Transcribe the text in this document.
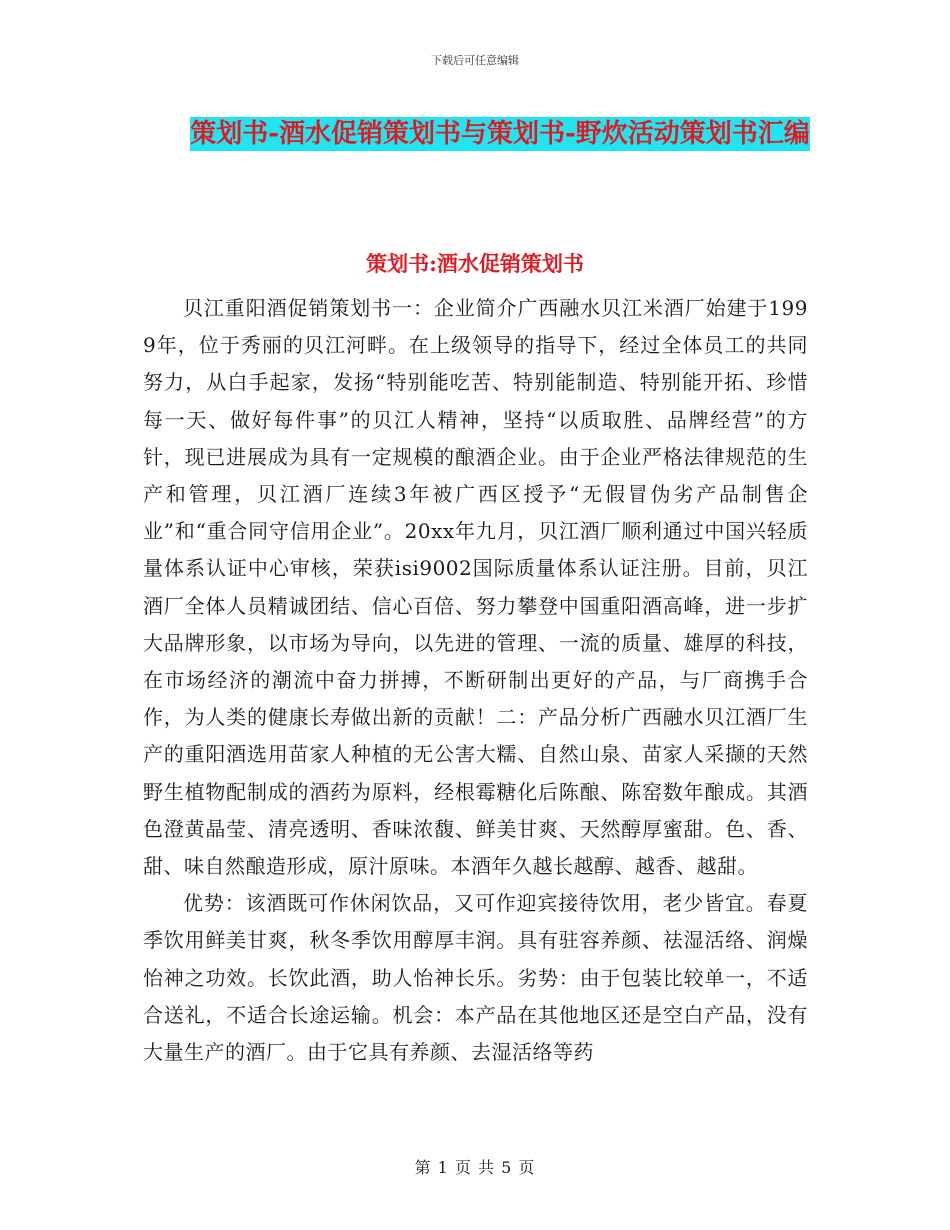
下载后可任意编辑
策划书-酒水促销策划书与策划书-野炊活动策划书汇编
策划书:酒水促销策划书

贝江重阳酒促销策划书一：企业简介广西融水贝江米酒厂始建于1999年，位于秀丽的贝江河畔。在上级领导的指导下，经过全体员工的共同努力，从白手起家，发扬“特别能吃苦、特别能制造、特别能开拓、珍惜每一天、做好每件事”的贝江人精神，坚持“以质取胜、品牌经营”的方针，现已进展成为具有一定规模的酿酒企业。由于企业严格法律规范的生产和管理，贝江酒厂连续3年被广西区授予“无假冒伪劣产品制售企业”和“重合同守信用企业”。20xx年九月，贝江酒厂顺利通过中国兴轻质量体系认证中心审核，荣获isi9002国际质量体系认证注册。目前，贝江酒厂全体人员精诚团结、信心百倍、努力攀登中国重阳酒高峰，进一步扩大品牌形象，以市场为导向，以先进的管理、一流的质量、雄厚的科技，在市场经济的潮流中奋力拼搏，不断研制出更好的产品，与厂商携手合作，为人类的健康长寿做出新的贡献！二：产品分析广西融水贝江酒厂生产的重阳酒选用苗家人种植的无公害大糯、自然山泉、苗家人采撷的天然野生植物配制成的酒药为原料，经根霉糖化后陈酿、陈窑数年酿成。其酒色澄黄晶莹、清亮透明、香味浓馥、鲜美甘爽、天然醇厚蜜甜。色、香、甜、味自然酿造形成，原汁原味。本酒年久越长越醇、越香、越甜。

优势：该酒既可作休闲饮品，又可作迎宾接待饮用，老少皆宜。春夏季饮用鲜美甘爽，秋冬季饮用醇厚丰润。具有驻容养颜、祛湿活络、润燥怡神之功效。长饮此酒，助人怡神长乐。劣势：由于包装比较单一，不适合送礼，不适合长途运输。机会：本产品在其他地区还是空白产品，没有大量生产的酒厂。由于它具有养颜、去湿活络等药

第 1 页 共 5 页
